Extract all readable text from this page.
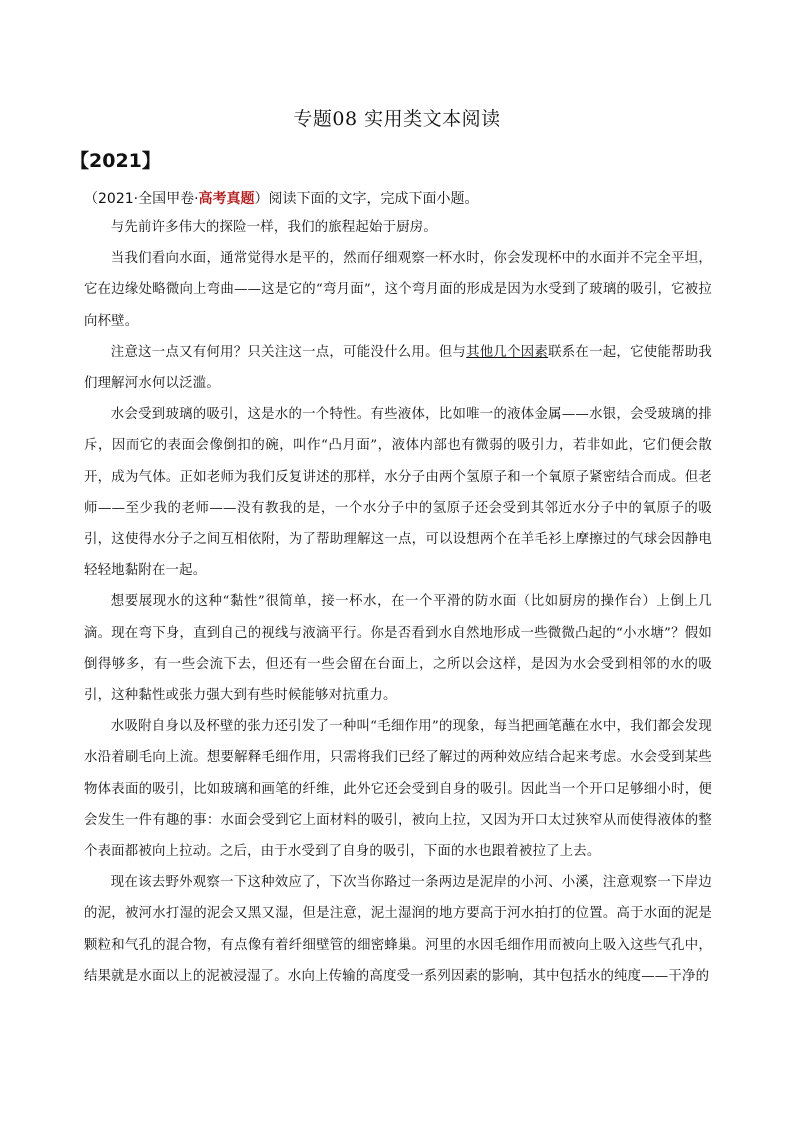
专题08 实用类文本阅读
【2021】
（2021·全国甲卷·高考真题）阅读下面的文字，完成下面小题。

与先前许多伟大的探险一样，我们的旅程起始于厨房。

当我们看向水面，通常觉得水是平的，然而仔细观察一杯水时，你会发现杯中的水面并不完全平坦，它在边缘处略微向上弯曲——这是它的“弯月面”，这个弯月面的形成是因为水受到了玻璃的吸引，它被拉向杯壁。

注意这一点又有何用？只关注这一点，可能没什么用。但与其他几个因素联系在一起，它使能帮助我们理解河水何以泛滥。

水会受到玻璃的吸引，这是水的一个特性。有些液体，比如唯一的液体金属——水银，会受玻璃的排斥，因而它的表面会像倒扣的碗，叫作“凸月面”，液体内部也有微弱的吸引力，若非如此，它们便会散开，成为气体。正如老师为我们反复讲述的那样，水分子由两个氢原子和一个氧原子紧密结合而成。但老师——至少我的老师——没有教我的是，一个水分子中的氢原子还会受到其邻近水分子中的氧原子的吸引，这使得水分子之间互相依附，为了帮助理解这一点，可以设想两个在羊毛衫上摩擦过的气球会因静电轻轻地黏附在一起。

想要展现水的这种“黏性”很简单，接一杯水，在一个平滑的防水面（比如厨房的操作台）上倒上几滴。现在弯下身，直到自己的视线与液滴平行。你是否看到水自然地形成一些微微凸起的“小水塘”？假如倒得够多，有一些会流下去，但还有一些会留在台面上，之所以会这样，是因为水会受到相邻的水的吸引，这种黏性或张力强大到有些时候能够对抗重力。

水吸附自身以及杯壁的张力还引发了一种叫“毛细作用”的现象，每当把画笔蘸在水中，我们都会发现水沿着刷毛向上流。想要解释毛细作用，只需将我们已经了解过的两种效应结合起来考虑。水会受到某些物体表面的吸引，比如玻璃和画笔的纤维，此外它还会受到自身的吸引。因此当一个开口足够细小时，便会发生一件有趣的事：水面会受到它上面材料的吸引，被向上拉，又因为开口太过狭窄从而使得液体的整个表面都被向上拉动。之后，由于水受到了自身的吸引，下面的水也跟着被拉了上去。

现在该去野外观察一下这种效应了，下次当你路过一条两边是泥岸的小河、小溪，注意观察一下岸边的泥，被河水打湿的泥会又黑又湿，但是注意，泥土湿润的地方要高于河水拍打的位置。高于水面的泥是颗粒和气孔的混合物，有点像有着纤细壁管的细密蜂巢。河里的水因毛细作用而被向上吸入这些气孔中，结果就是水面以上的泥被浸湿了。水向上传输的高度受一系列因素的影响，其中包括水的纯度——干净的
